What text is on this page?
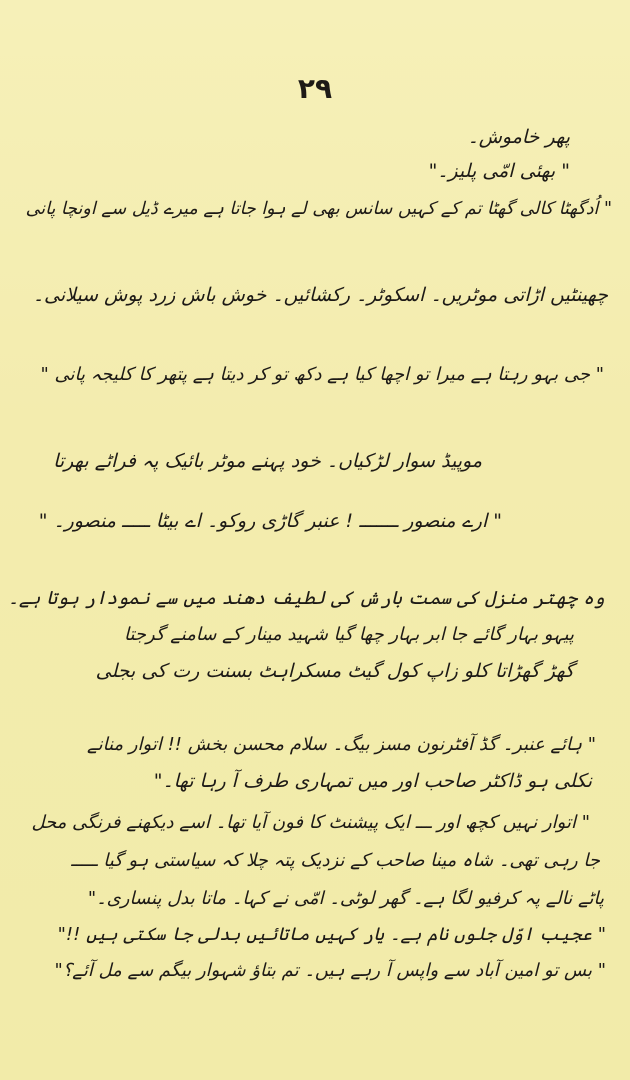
۲۹
پھر خاموش۔
" بھئی امّی پلیز۔"
" اُدگھٹا کالی گھٹا تم کے کہیں سانس بھی لے ہوا جاتا ہے میرے ڈیل سے اونچا پانی
چھینٹیں اڑاتی موٹریں۔ اسکوٹر۔ رکشائیں۔ خوش باش زرد پوش سیلانی۔
" جی بہو رہتا ہے میرا تو اچھا کیا ہے دکھ تو کر دیتا ہے پتھر کا کلیجہ پانی "
موپیڈ سوار لڑکیاں۔ خود پہنے موٹر بائیک پہ فراٹے بھرتا
" ارے منصور ـــــــ ! عنبر گاڑی روکو۔ اے بیٹا ـــــ منصور۔ "
وہ چھتر منزل کی سمت بارش کی لطیف دھند میں سے نمودار ہوتا ہے۔
پیہو بہار گائے جا ابر بہار چھا گیا شہید مینار کے سامنے گرجتا
گھڑ گھڑاتا کلو زاپ کول گیٹ مسکراہٹ بسنت رت کی بجلی
" ہائے عنبر۔ گڈ آفٹرنون مسز بیگ۔ سلام محسن بخش !! اتوار منانے
نکلی ہو ڈاکٹر صاحب اور میں تمہاری طرف آ رہا تھا۔"
" اتوار نہیں کچھ اور ـــ ایک پیشنٹ کا فون آیا تھا۔ اسے دیکھنے فرنگی محل
جا رہی تھی۔ شاہ مینا صاحب کے نزدیک پتہ چلا کہ سیاستی ہو گیا ـــــ
پاٹے نالے پہ کرفیو لگا ہے۔ گھر لوٹی۔ امّی نے کہا۔ ماتا بدل پنساری۔"
" عجیب اوّل جلوں نام ہے۔ یار کہیں ماتائیں بدلی جا سکتی ہیں !!"
" بس تو امین آباد سے واپس آ رہے ہیں۔ تم بتاؤ شہوار بیگم سے مل آئے؟"
